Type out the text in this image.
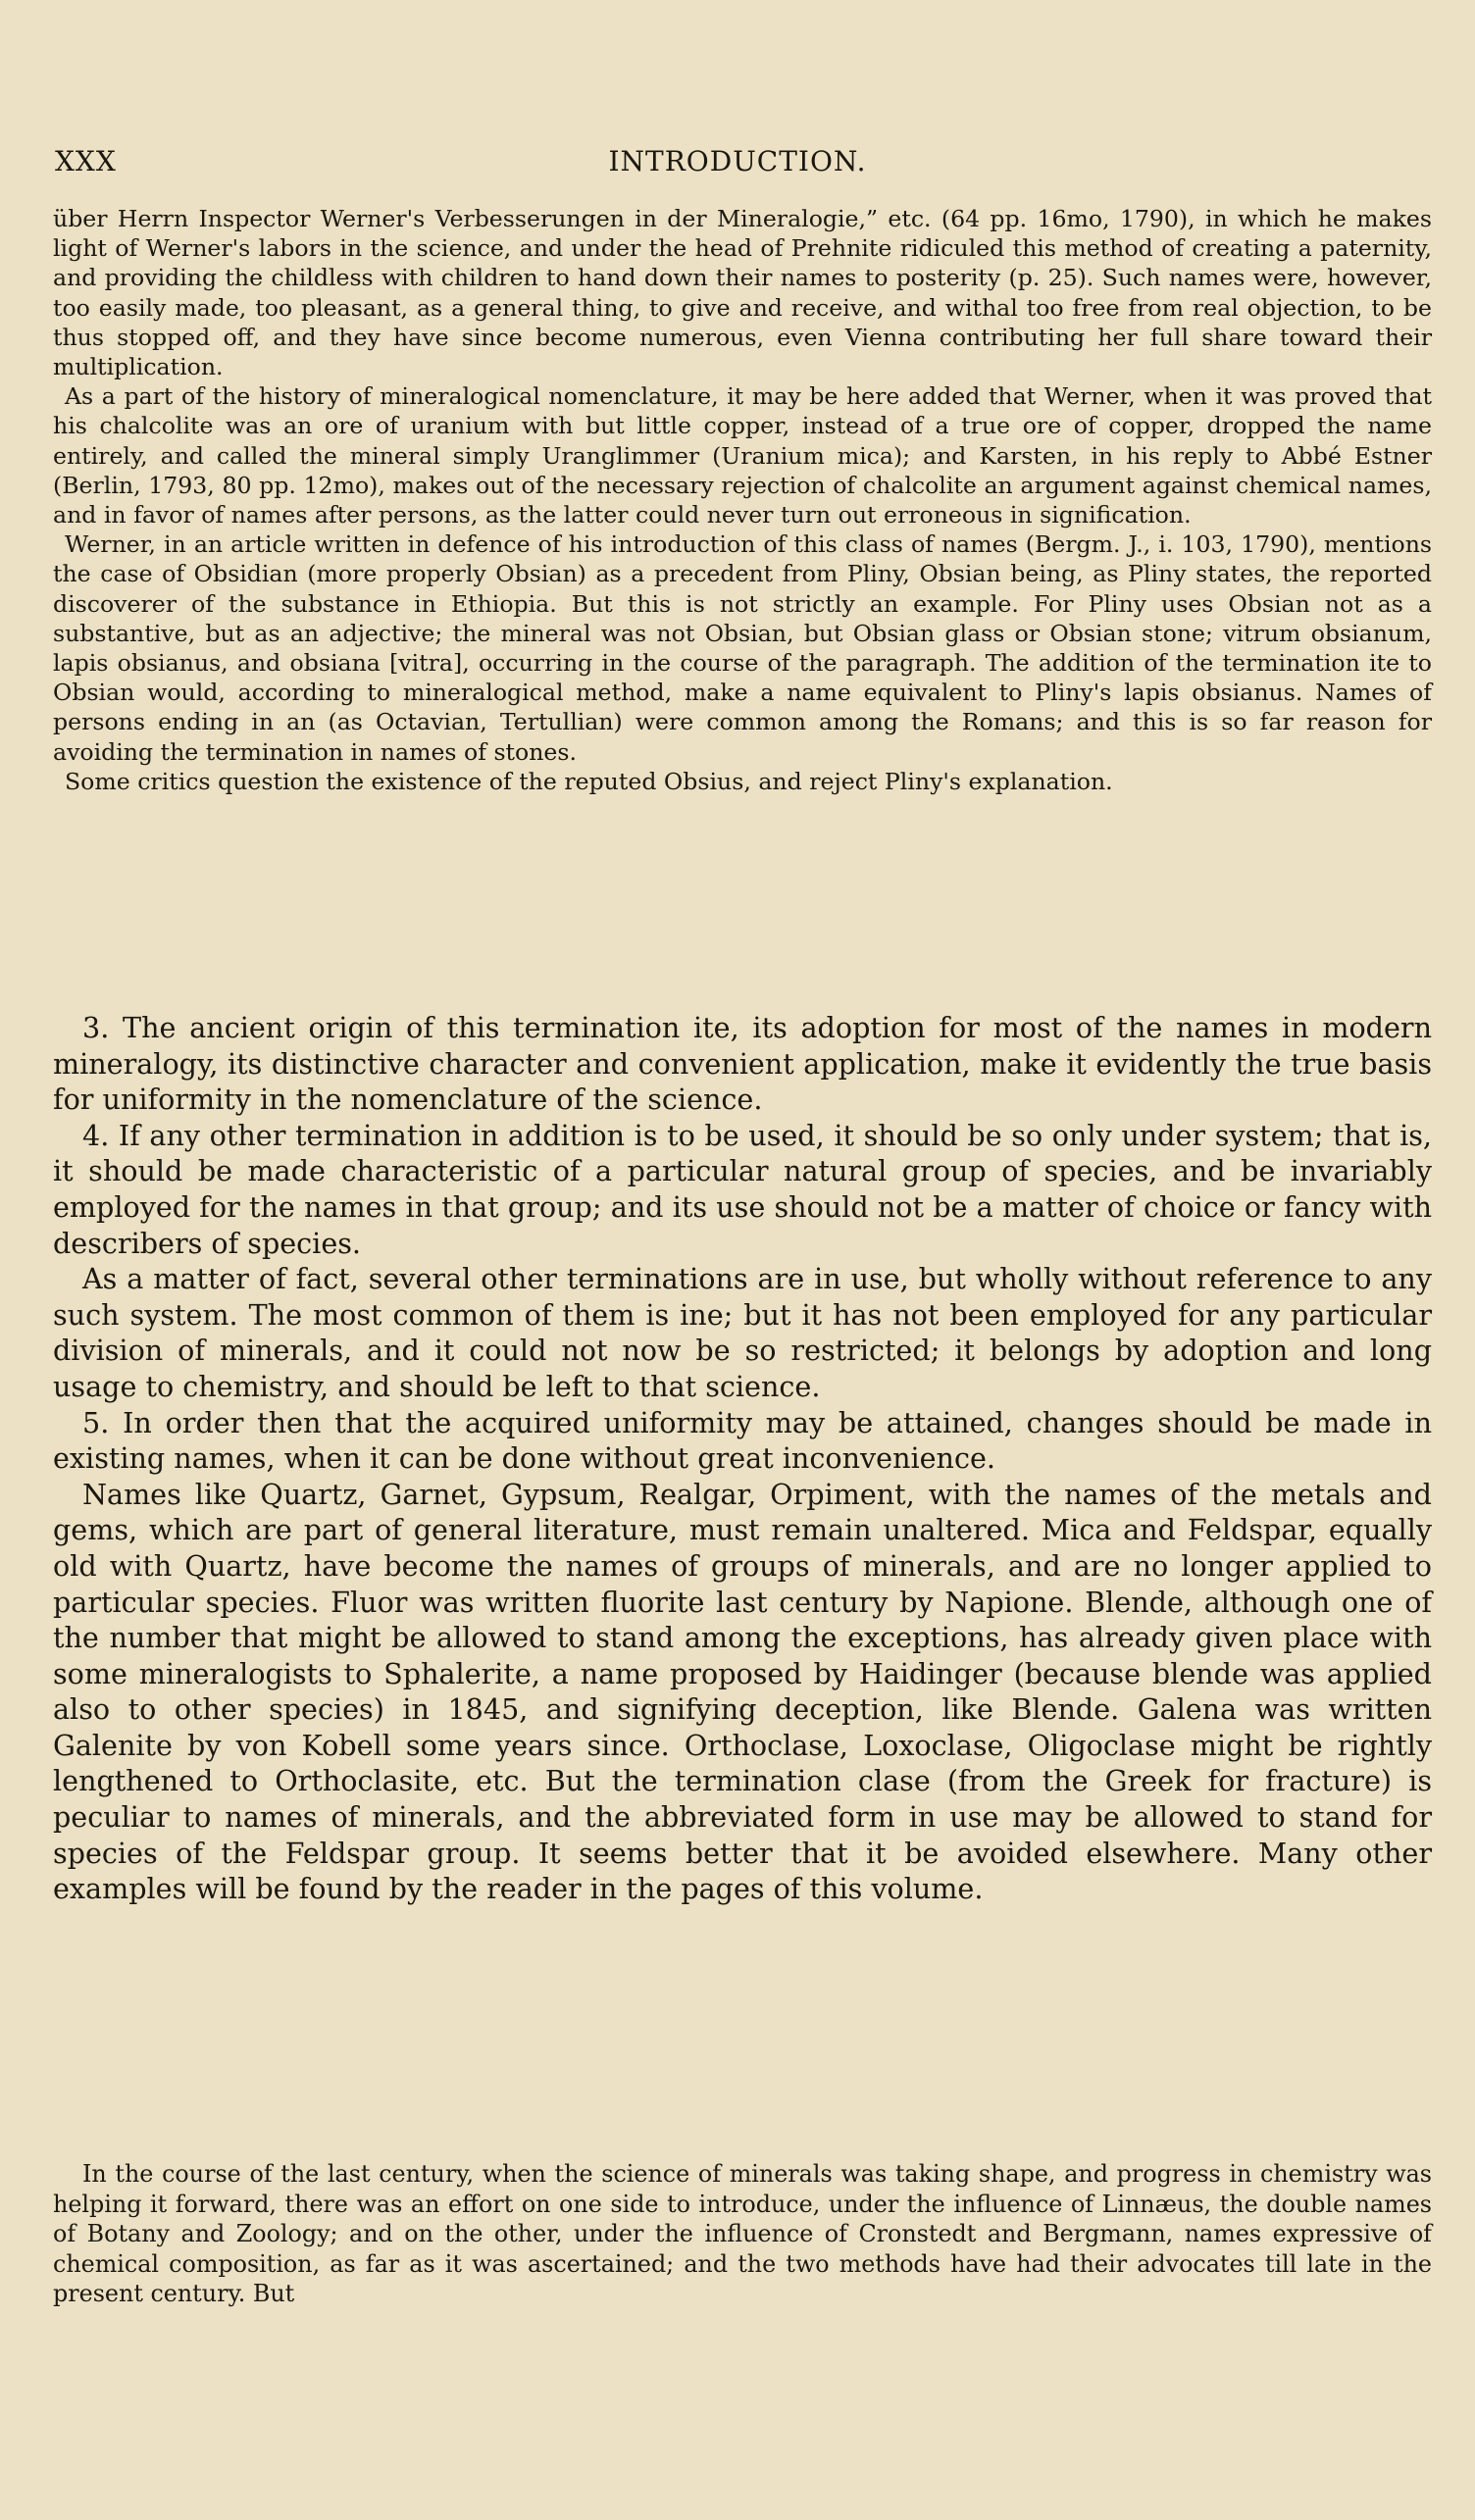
XXX	INTRODUCTION.

über Herrn Inspector Werner's Verbesserungen in der Mineralogie,” etc. (64 pp. 16mo, 1790), in which he makes light of Werner's labors in the science, and under the head of Prehnite ridiculed this method of creating a paternity, and providing the childless with children to hand down their names to posterity (p. 25). Such names were, however, too easily made, too pleasant, as a general thing, to give and receive, and withal too free from real objection, to be thus stopped off, and they have since become numerous, even Vienna contributing her full share toward their multiplication.

As a part of the history of mineralogical nomenclature, it may be here added that Werner, when it was proved that his chalcolite was an ore of uranium with but little copper, instead of a true ore of copper, dropped the name entirely, and called the mineral simply Uranglimmer (Uranium mica); and Karsten, in his reply to Abbé Estner (Berlin, 1793, 80 pp. 12mo), makes out of the necessary rejection of chalcolite an argument against chemical names, and in favor of names after persons, as the latter could never turn out erroneous in signification.

Werner, in an article written in defence of his introduction of this class of names (Bergm. J., i. 103, 1790), mentions the case of Obsidian (more properly Obsian) as a precedent from Pliny, Obsian being, as Pliny states, the reported discoverer of the substance in Ethiopia. But this is not strictly an example. For Pliny uses Obsian not as a substantive, but as an adjective; the mineral was not Obsian, but Obsian glass or Obsian stone; vitrum obsianum, lapis obsianus, and obsiana [vitra], occurring in the course of the paragraph. The addition of the termination ite to Obsian would, according to mineralogical method, make a name equivalent to Pliny's lapis obsianus. Names of persons ending in an (as Octavian, Tertullian) were common among the Romans; and this is so far reason for avoiding the termination in names of stones.

Some critics question the existence of the reputed Obsius, and reject Pliny's explanation.

3. The ancient origin of this termination ite, its adoption for most of the names in modern mineralogy, its distinctive character and convenient application, make it evidently the true basis for uniformity in the nomenclature of the science.

4. If any other termination in addition is to be used, it should be so only under system; that is, it should be made characteristic of a particular natural group of species, and be invariably employed for the names in that group; and its use should not be a matter of choice or fancy with describers of species.

As a matter of fact, several other terminations are in use, but wholly without reference to any such system. The most common of them is ine; but it has not been employed for any particular division of minerals, and it could not now be so restricted; it belongs by adoption and long usage to chemistry, and should be left to that science.

5. In order then that the acquired uniformity may be attained, changes should be made in existing names, when it can be done without great inconvenience.

Names like Quartz, Garnet, Gypsum, Realgar, Orpiment, with the names of the metals and gems, which are part of general literature, must remain unaltered. Mica and Feldspar, equally old with Quartz, have become the names of groups of minerals, and are no longer applied to particular species. Fluor was written fluorite last century by Napione. Blende, although one of the number that might be allowed to stand among the exceptions, has already given place with some mineralogists to Sphalerite, a name proposed by Haidinger (because blende was applied also to other species) in 1845, and signifying deception, like Blende. Galena was written Galenite by von Kobell some years since. Orthoclase, Loxoclase, Oligoclase might be rightly lengthened to Orthoclasite, etc. But the termination clase (from the Greek for fracture) is peculiar to names of minerals, and the abbreviated form in use may be allowed to stand for species of the Feldspar group. It seems better that it be avoided elsewhere. Many other examples will be found by the reader in the pages of this volume.

In the course of the last century, when the science of minerals was taking shape, and progress in chemistry was helping it forward, there was an effort on one side to introduce, under the influence of Linnæus, the double names of Botany and Zoology; and on the other, under the influence of Cronstedt and Bergmann, names expressive of chemical composition, as far as it was ascertained; and the two methods have had their advocates till late in the present century. But
